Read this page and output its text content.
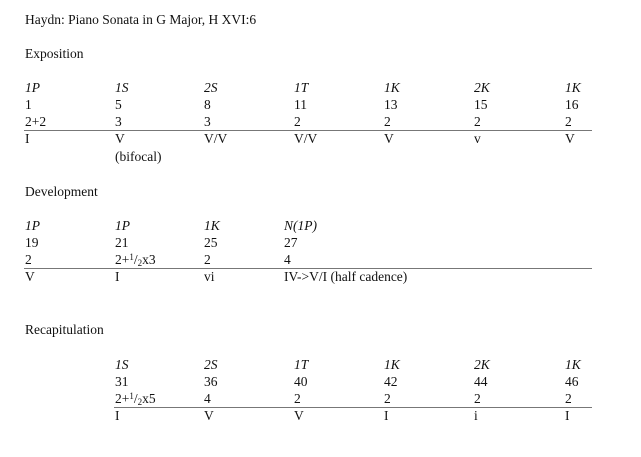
Haydn: Piano Sonata in G Major, H XVI:6
Exposition
1P	1S	2S	1T	1K	2K	1K
1	5	8	11	13	15	16
2+2	3	3	2	2	2	2
I	V	V/V	V/V	V	v	V
(bifocal)
Development
1P	1P	1K	N(1P)
19	21	25	27
2	$2+^1/_2x3$	2	4
V	I	vi	IV->V/I (half cadence)
Recapitulation
1S	2S	1T	1K	2K	1K
31	36	40	42	44	46
$2+^1/_2x5$	4	2	2	2	2
I	V	V	I	i	I
